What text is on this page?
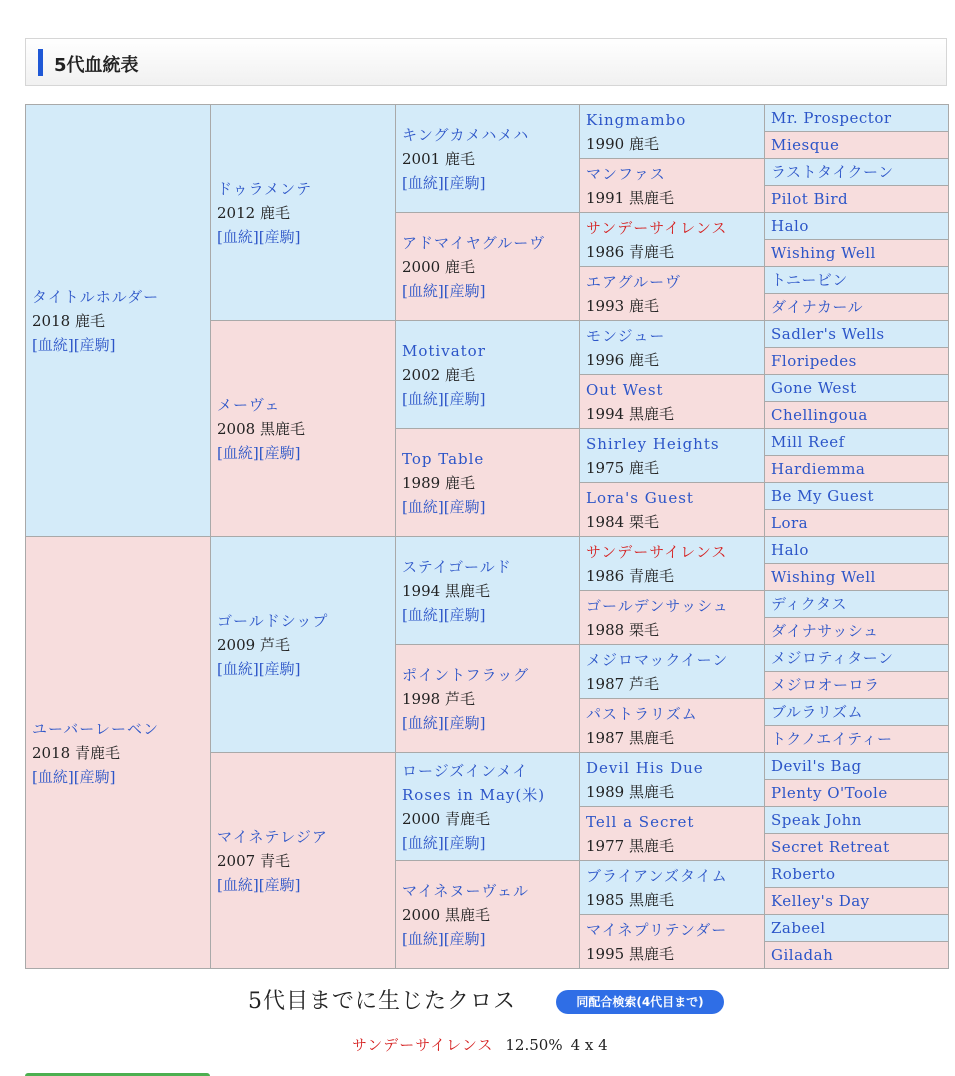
5代血統表
タイトルホルダー
2018 鹿毛
[血統][産駒]	ドゥラメンテ
2012 鹿毛
[血統][産駒]	キングカメハメハ
2001 鹿毛
[血統][産駒]	Kingmambo
1990 鹿毛	Mr. Prospector

				Miesque

			マンファス
1991 黒鹿毛	ラストタイクーン

				Pilot Bird

		アドマイヤグルーヴ
2000 鹿毛
[血統][産駒]	サンデーサイレンス
1986 青鹿毛	Halo

				Wishing Well

			エアグルーヴ
1993 鹿毛	トニービン

				ダイナカール

	メーヴェ
2008 黒鹿毛
[血統][産駒]	Motivator
2002 鹿毛
[血統][産駒]	モンジュー
1996 鹿毛	Sadler's Wells

				Floripedes

			Out West
1994 黒鹿毛	Gone West

				Chellingoua

		Top Table
1989 鹿毛
[血統][産駒]	Shirley Heights
1975 鹿毛	Mill Reef

				Hardiemma

			Lora's Guest
1984 栗毛	Be My Guest

				Lora

ユーバーレーベン
2018 青鹿毛
[血統][産駒]	ゴールドシップ
2009 芦毛
[血統][産駒]	ステイゴールド
1994 黒鹿毛
[血統][産駒]	サンデーサイレンス
1986 青鹿毛	Halo

				Wishing Well

			ゴールデンサッシュ
1988 栗毛	ディクタス

				ダイナサッシュ

		ポイントフラッグ
1998 芦毛
[血統][産駒]	メジロマックイーン
1987 芦毛	メジロティターン

				メジロオーロラ

			パストラリズム
1987 黒鹿毛	ブルラリズム

				トクノエイティー

	マイネテレジア
2007 青毛
[血統][産駒]	ロージズインメイ
Roses in May(米)
2000 青鹿毛
[血統][産駒]	Devil His Due
1989 黒鹿毛	Devil's Bag

				Plenty O'Toole

			Tell a Secret
1977 黒鹿毛	Speak John

				Secret Retreat

		マイネヌーヴェル
2000 黒鹿毛
[血統][産駒]	ブライアンズタイム
1985 黒鹿毛	Roberto

				Kelley's Day

			マイネプリテンダー
1995 黒鹿毛	Zabeel

				Giladah
5代目までに生じたクロス	同配合検索(4代目まで)
サンデーサイレンス 12.50% 4 x 4
